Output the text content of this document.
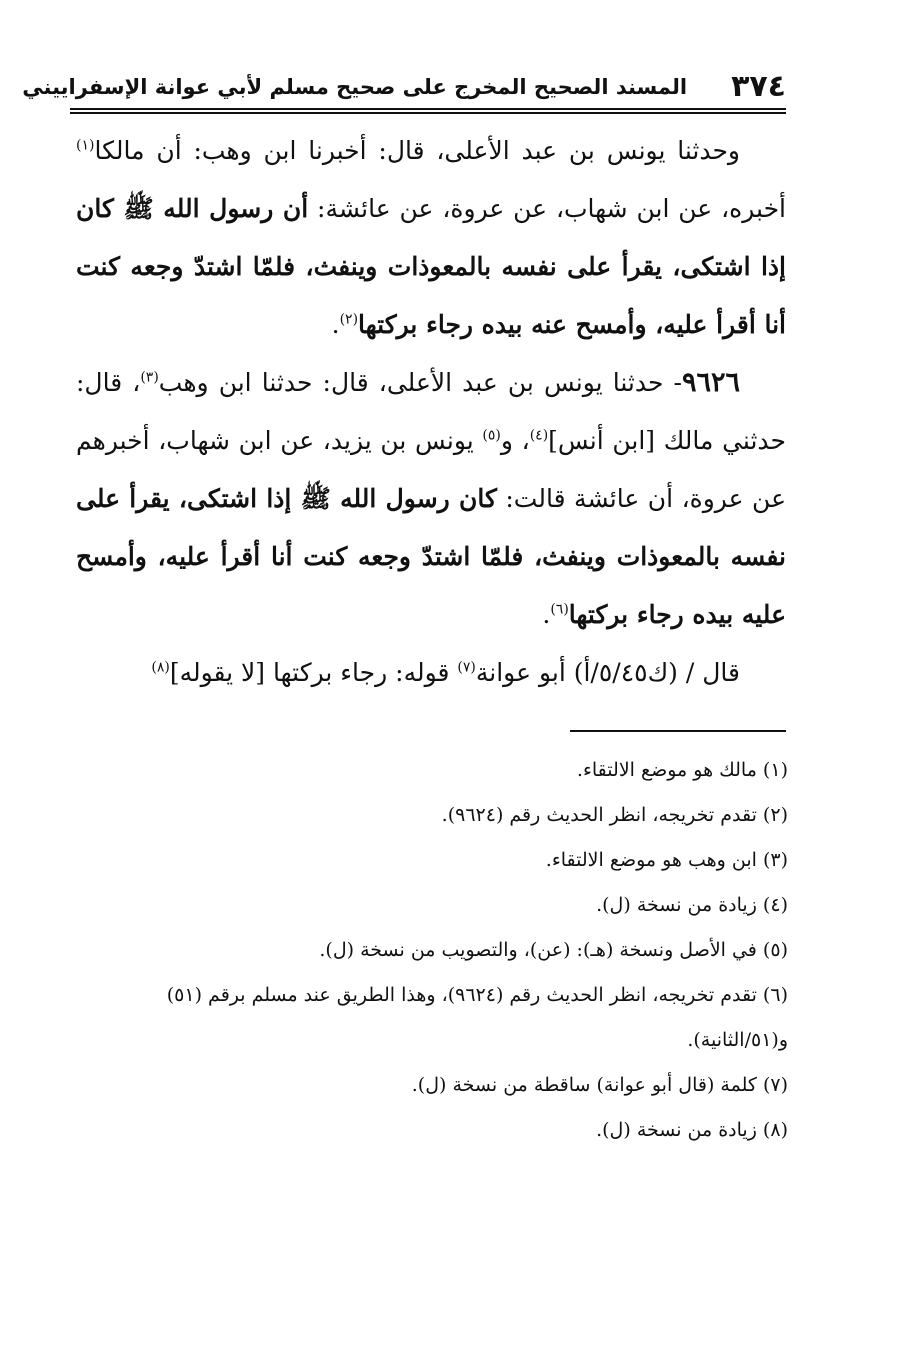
٣٧٤
المسند الصحيح المخرج على صحيح مسلم لأبي عوانة الإسفراييني

وحدثنا يونس بن عبد الأعلى، قال: أخبرنا ابن وهب: أن مالكا$^{(١)}$ أخبره، عن ابن شهاب، عن عروة، عن عائشة: أن رسول الله ﷺ كان إذا اشتكى، يقرأ على نفسه بالمعوذات وينفث، فلمّا اشتدّ وجعه كنت أنا أقرأ عليه، وأمسح عنه بيده رجاء بركتها$^{(٢)}$.

٩٦٢٦- حدثنا يونس بن عبد الأعلى، قال: حدثنا ابن وهب$^{(٣)}$، قال: حدثني مالك [ابن أنس]$^{(٤)}$، و$^{(٥)}$ يونس بن يزيد، عن ابن شهاب، أخبرهم عن عروة، أن عائشة قالت: كان رسول الله ﷺ إذا اشتكى، يقرأ على نفسه بالمعوذات وينفث، فلمّا اشتدّ وجعه كنت أنا أقرأ عليه، وأمسح عليه بيده رجاء بركتها$^{(٦)}$.

قال / (ك٥/٤٥/أ) أبو عوانة$^{(٧)}$ قوله: رجاء بركتها [لا يقوله]$^{(٨)}$

(١) مالك هو موضع الالتقاء.
(٢) تقدم تخريجه، انظر الحديث رقم (٩٦٢٤).
(٣) ابن وهب هو موضع الالتقاء.
(٤) زيادة من نسخة (ل).
(٥) في الأصل ونسخة (هـ): (عن)، والتصويب من نسخة (ل).
(٦) تقدم تخريجه، انظر الحديث رقم (٩٦٢٤)، وهذا الطريق عند مسلم برقم (٥١)
و(٥١/الثانية).
(٧) كلمة (قال أبو عوانة) ساقطة من نسخة (ل).
(٨) زيادة من نسخة (ل).
